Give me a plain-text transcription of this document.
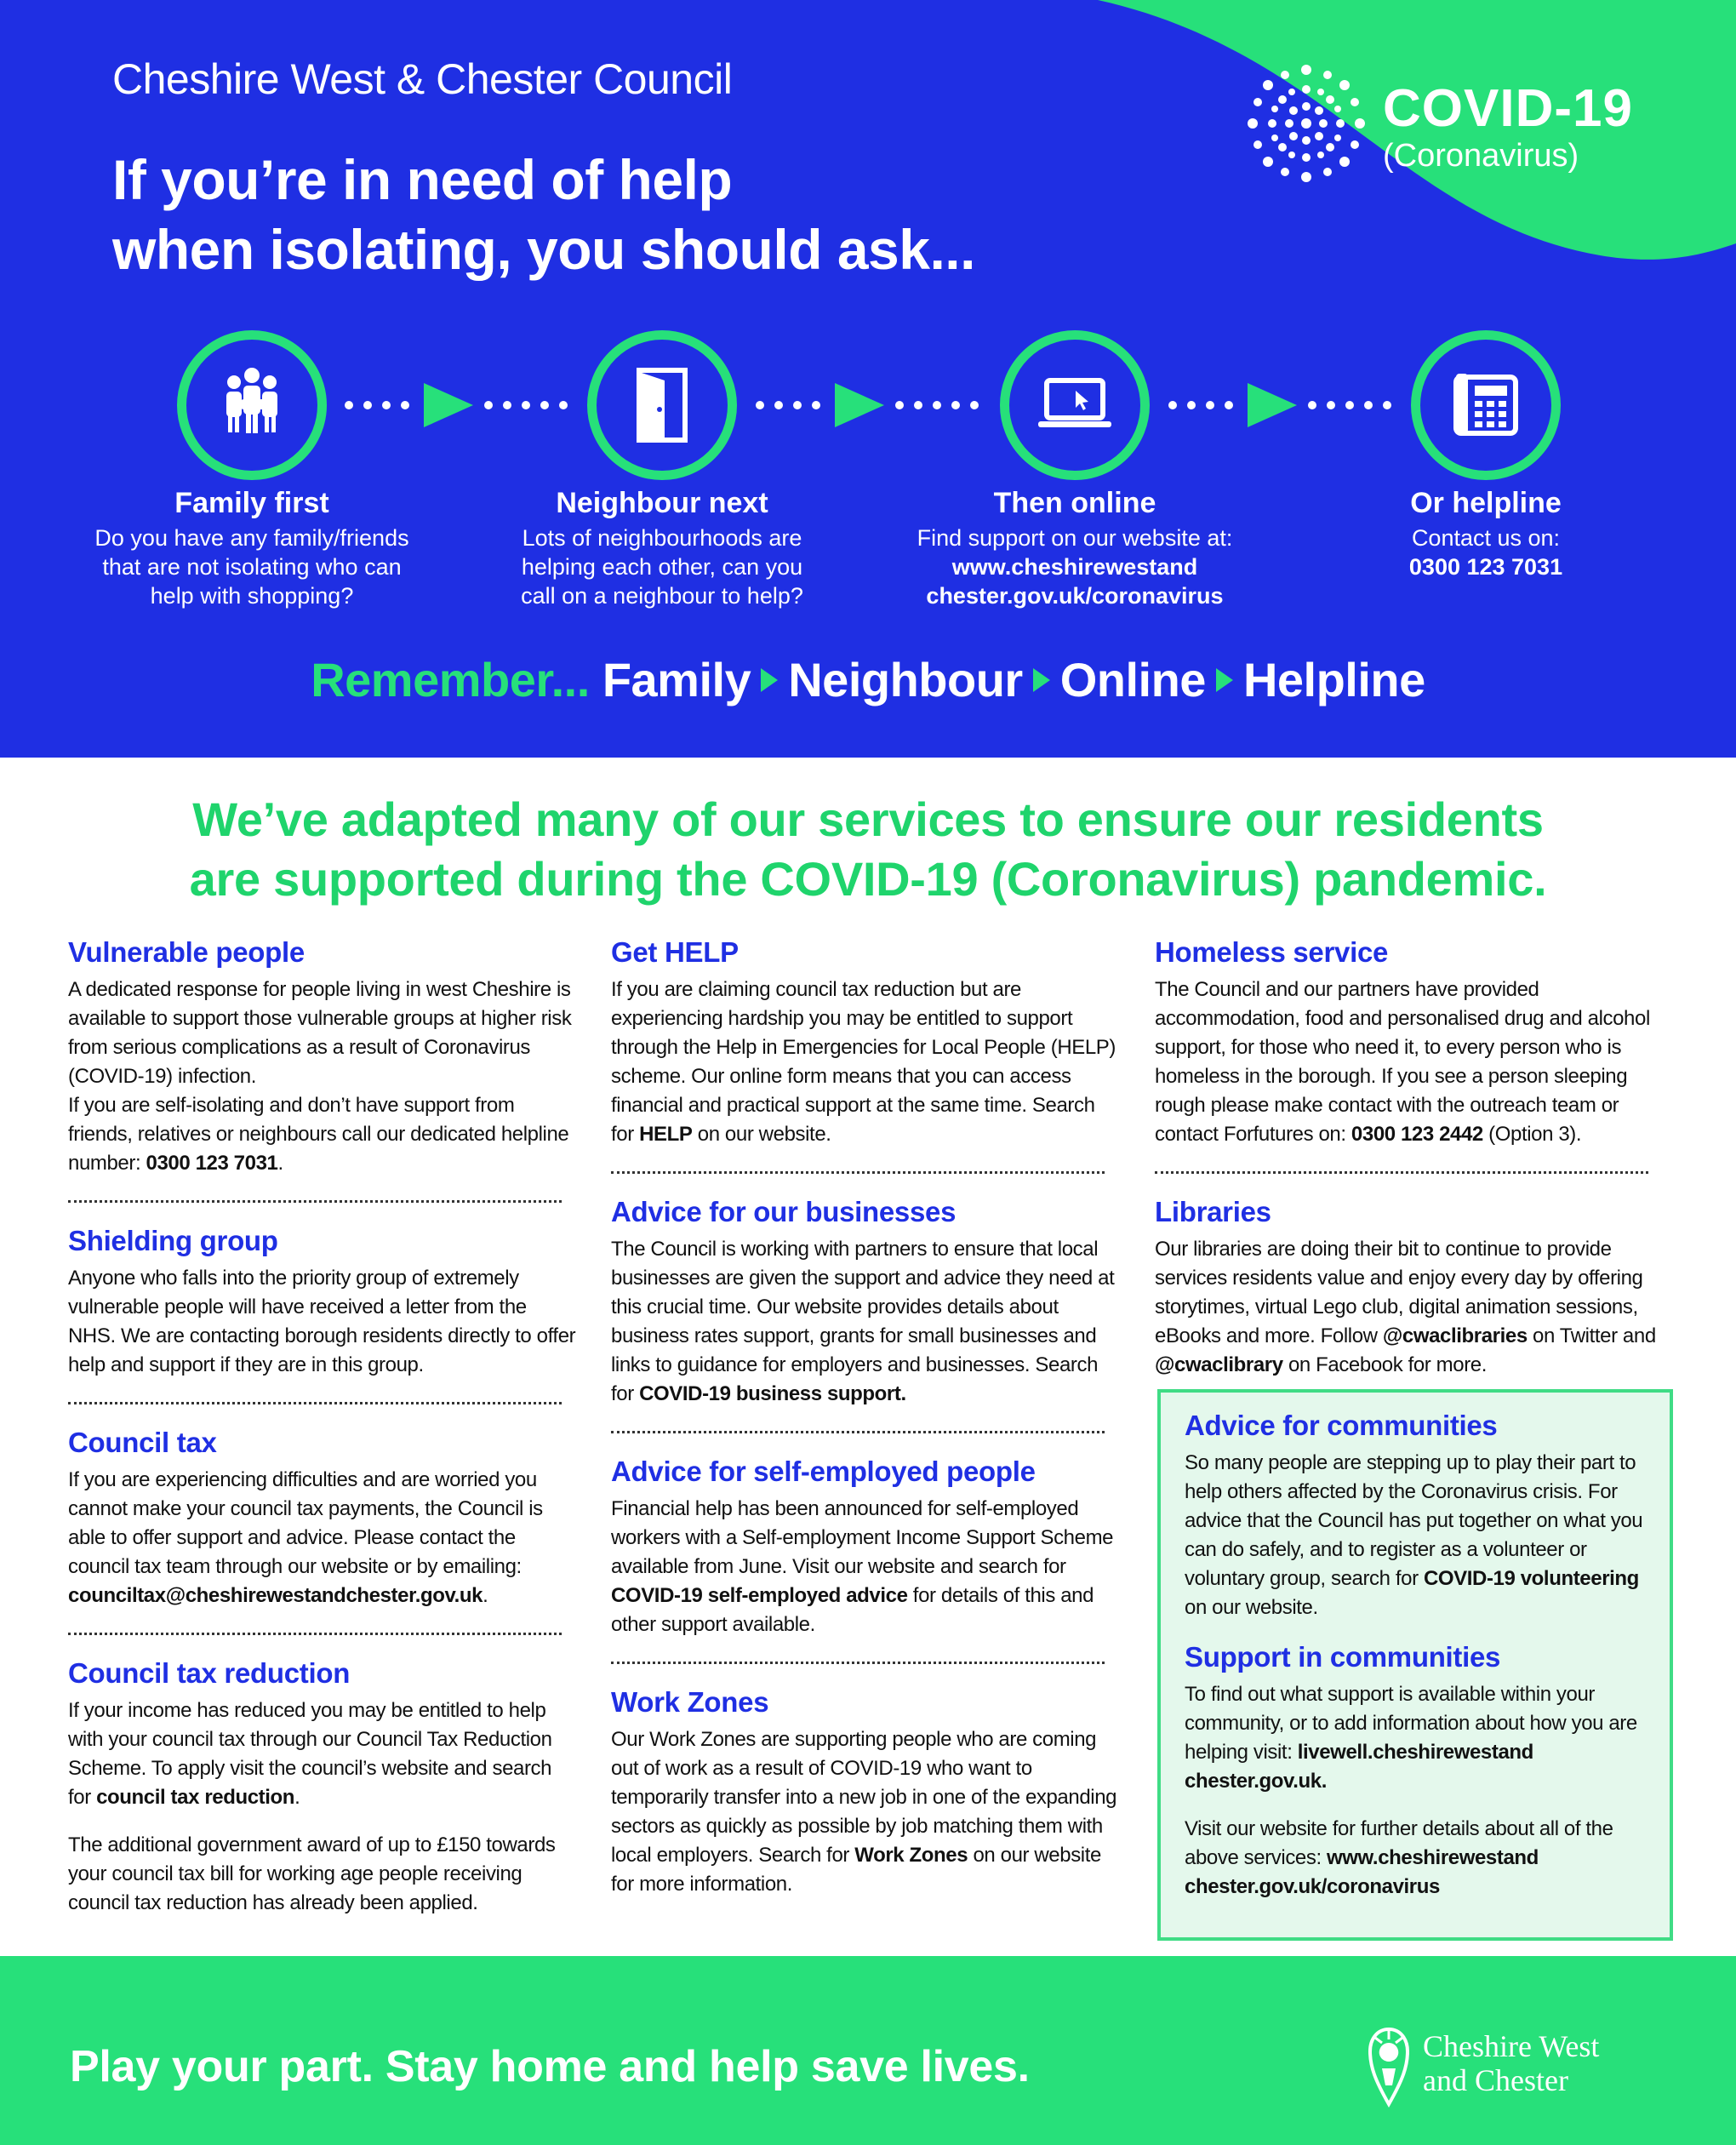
Cheshire West & Chester Council
If you’re in need of help
when isolating, you should ask...
COVID-19
(Coronavirus)
Family first
Do you have any family/friends
that are not isolating who can
help with shopping?
Neighbour next
Lots of neighbourhoods are
helping each other, can you
call on a neighbour to help?
Then online
Find support on our website at:
www.cheshirewestand
chester.gov.uk/coronavirus
Or helpline
Contact us on:
0300 123 7031
Remember... Family Neighbour Online Helpline
We’ve adapted many of our services to ensure our residents
are supported during the COVID-19 (Coronavirus) pandemic.
Vulnerable people

A dedicated response for people living in west Cheshire is available to support those vulnerable groups at higher risk from serious complications as a result of Coronavirus (COVID-19) infection.

If you are self-isolating and don’t have support from friends, relatives or neighbours call our dedicated helpline number: 0300 123 7031.

Shielding group

Anyone who falls into the priority group of extremely vulnerable people will have received a letter from the NHS. We are contacting borough residents directly to offer help and support if they are in this group.

Council tax

If you are experiencing difficulties and are worried you cannot make your council tax payments, the Council is able to offer support and advice. Please contact the council tax team through our website or by emailing: counciltax@cheshirewestandchester.gov.uk.

Council tax reduction

If your income has reduced you may be entitled to help with your council tax through our Council Tax Reduction Scheme. To apply visit the council’s website and search for council tax reduction.

The additional government award of up to £150 towards your council tax bill for working age people receiving council tax reduction has already been applied.

Get HELP

If you are claiming council tax reduction but are experiencing hardship you may be entitled to support through the Help in Emergencies for Local People (HELP) scheme. Our online form means that you can access financial and practical support at the same time. Search for HELP on our website.

Advice for our businesses

The Council is working with partners to ensure that local businesses are given the support and advice they need at this crucial time. Our website provides details about business rates support, grants for small businesses and links to guidance for employers and businesses. Search for COVID-19 business support.

Advice for self-employed people

Financial help has been announced for self-employed workers with a Self-employment Income Support Scheme available from June. Visit our website and search for COVID-19 self-employed advice for details of this and other support available.

Work Zones

Our Work Zones are supporting people who are coming out of work as a result of COVID-19 who want to temporarily transfer into a new job in one of the expanding sectors as quickly as possible by job matching them with local employers. Search for Work Zones on our website for more information.

Homeless service

The Council and our partners have provided accommodation, food and personalised drug and alcohol support, for those who need it, to every person who is homeless in the borough. If you see a person sleeping rough please make contact with the outreach team or contact Forfutures on: 0300 123 2442 (Option 3).

Libraries

Our libraries are doing their bit to continue to provide services residents value and enjoy every day by offering storytimes, virtual Lego club, digital animation sessions, eBooks and more. Follow @cwaclibraries on Twitter and @cwaclibrary on Facebook for more.

Advice for communities

So many people are stepping up to play their part to help others affected by the Coronavirus crisis. For advice that the Council has put together on what you can do safely, and to register as a volunteer or voluntary group, search for COVID-19 volunteering on our website.

Support in communities

To find out what support is available within your community, or to add information about how you are helping visit: livewell.cheshirewestand chester.gov.uk.

Visit our website for further details about all of the above services: www.cheshirewestand chester.gov.uk/coronavirus

Play your part. Stay home and help save lives.	Cheshire West
and Chester
